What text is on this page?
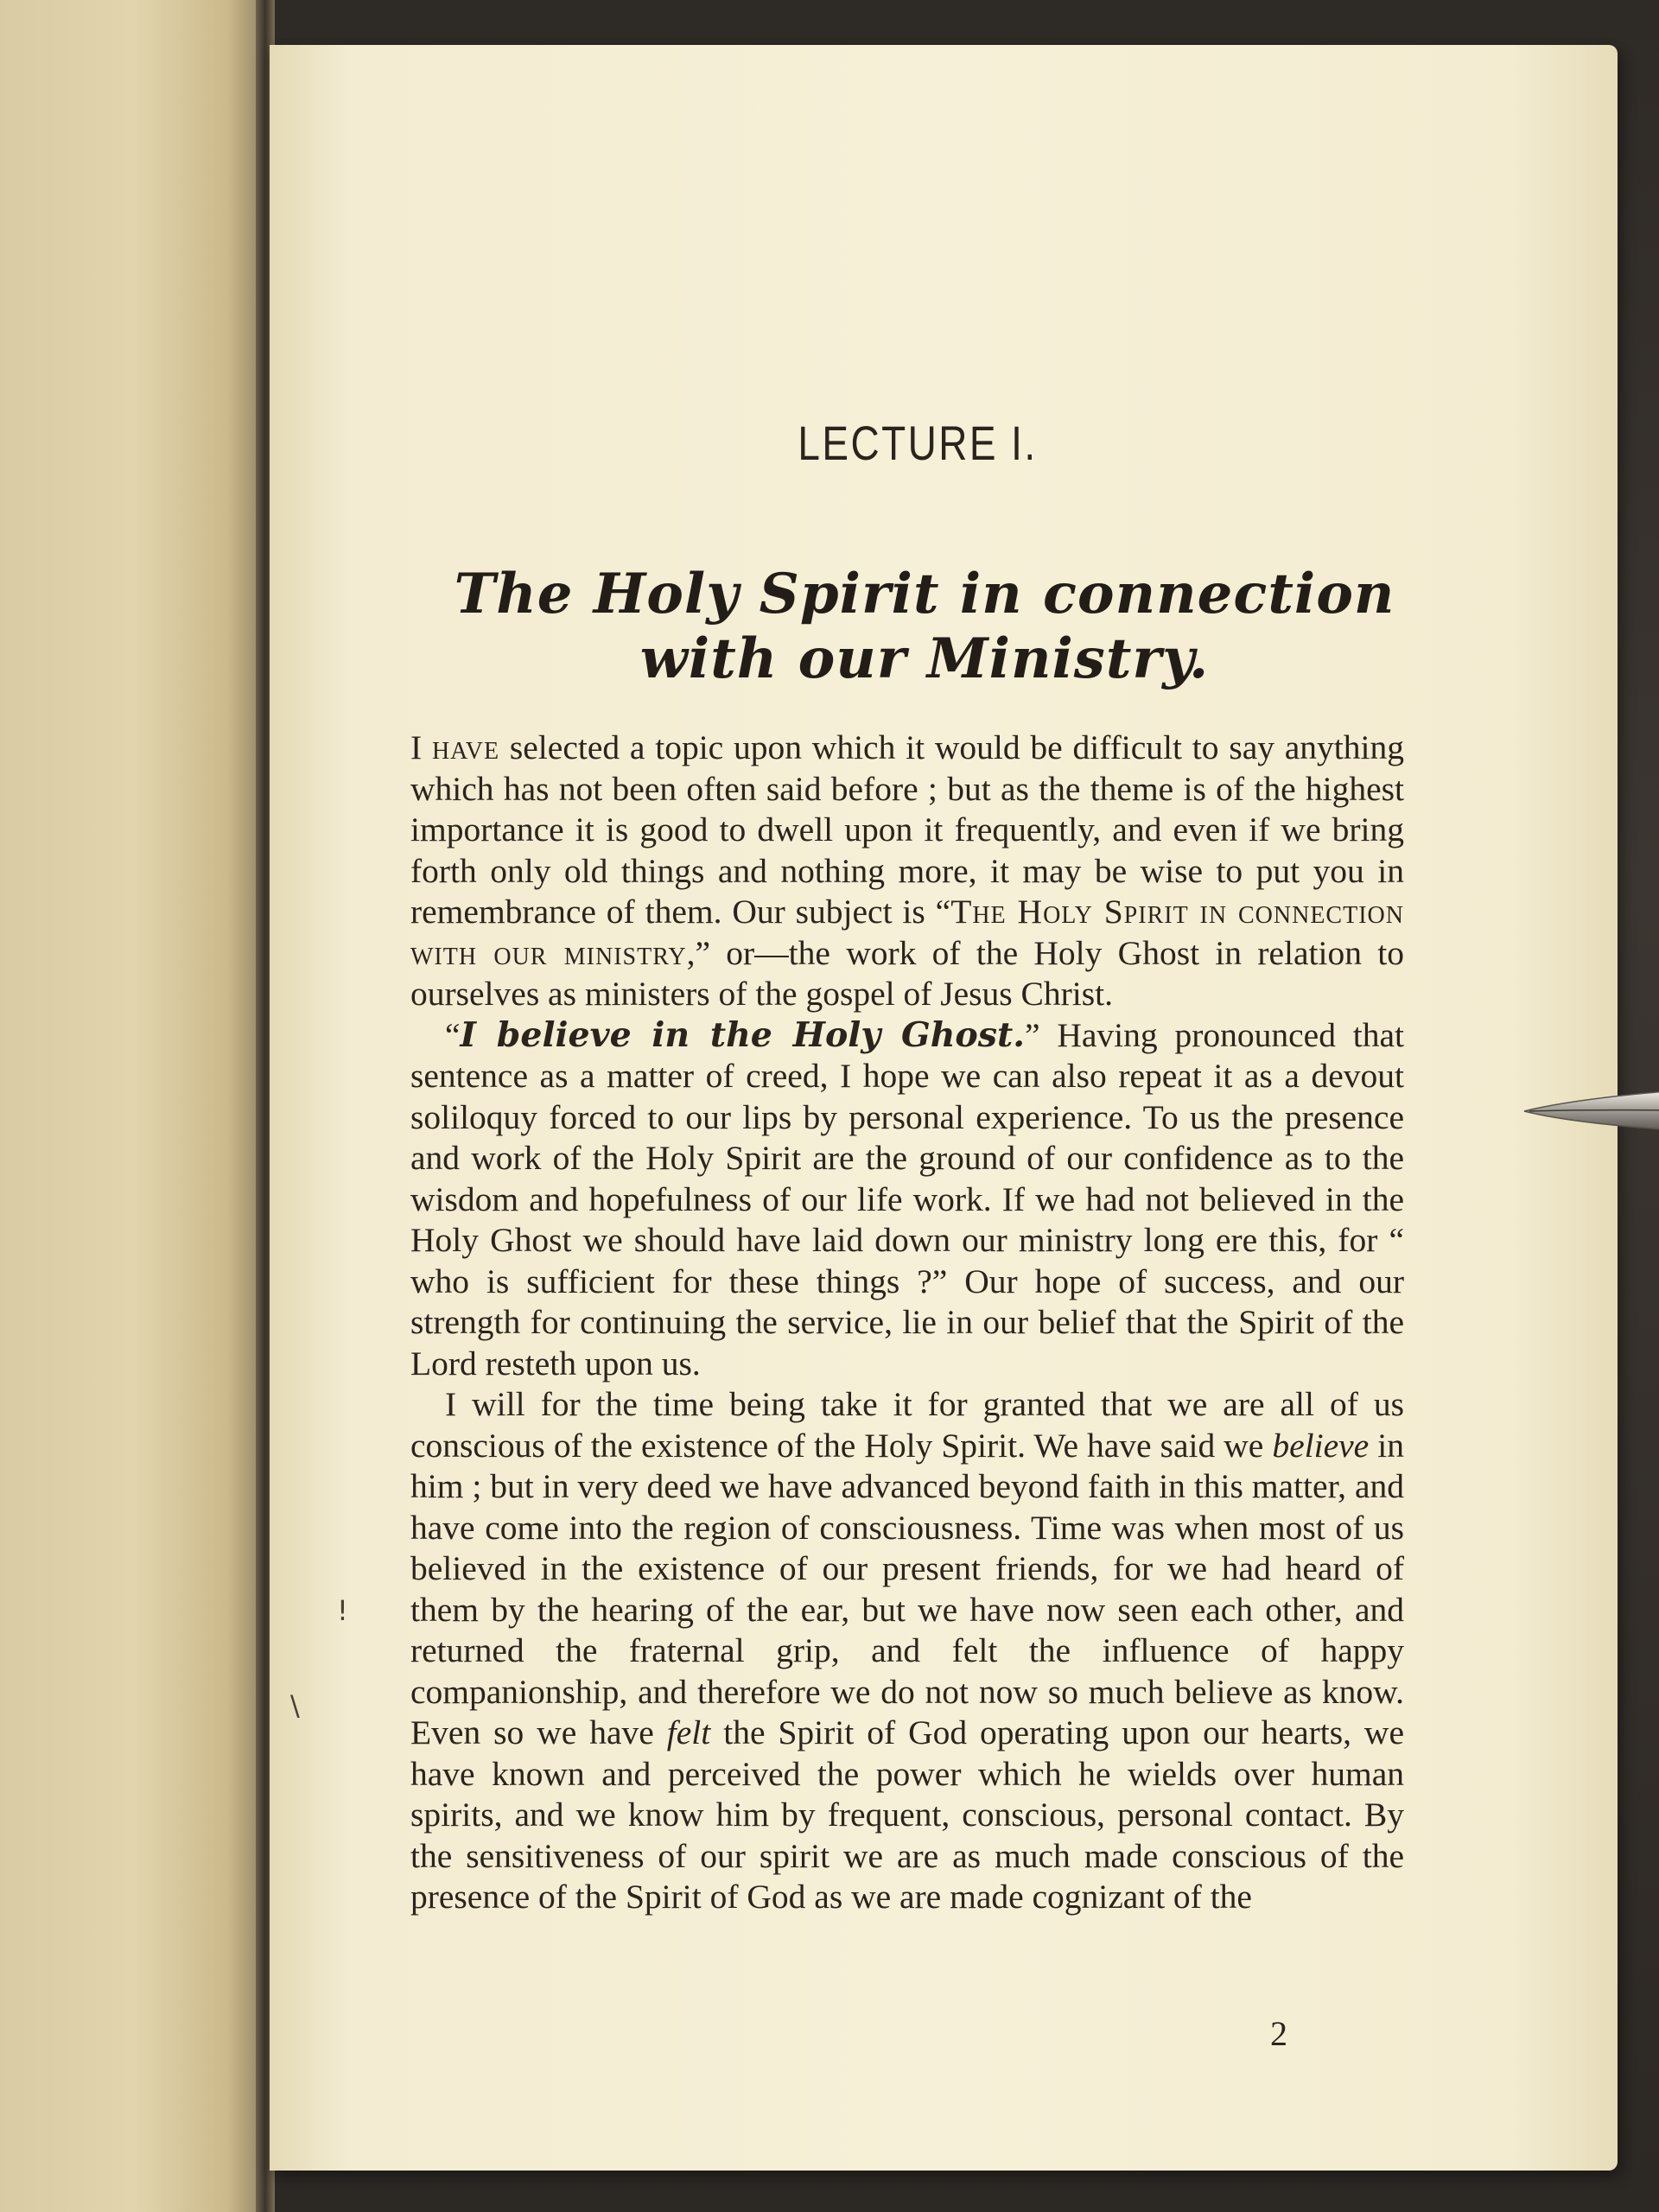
LECTURE I.
The Holy Spirit in connection with our Ministry.

I have selected a topic upon which it would be difficult to say anything which has not been often said before ; but as the theme is of the highest importance it is good to dwell upon it frequently, and even if we bring forth only old things and nothing more, it may be wise to put you in remembrance of them. Our subject is “The Holy Spirit in connection with our ministry,” or—the work of the Holy Ghost in relation to ourselves as ministers of the gospel of Jesus Christ.

“I believe in the Holy Ghost.” Having pronounced that sentence as a matter of creed, I hope we can also repeat it as a devout soliloquy forced to our lips by personal experience. To us the presence and work of the Holy Spirit are the ground of our confidence as to the wisdom and hopefulness of our life work. If we had not believed in the Holy Ghost we should have laid down our ministry long ere this, for “ who is sufficient for these things ?” Our hope of success, and our strength for continuing the service, lie in our belief that the Spirit of the Lord resteth upon us.

I will for the time being take it for granted that we are all of us conscious of the existence of the Holy Spirit. We have said we believe in him ; but in very deed we have advanced beyond faith in this matter, and have come into the region of consciousness. Time was when most of us believed in the existence of our present friends, for we had heard of them by the hearing of the ear, but we have now seen each other, and returned the fraternal grip, and felt the influence of happy companionship, and therefore we do not now so much believe as know. Even so we have felt the Spirit of God operating upon our hearts, we have known and perceived the power which he wields over human spirits, and we know him by frequent, conscious, personal contact. By the sensitiveness of our spirit we are as much made conscious of the presence of the Spirit of God as we are made cognizant of the

!
\
2
